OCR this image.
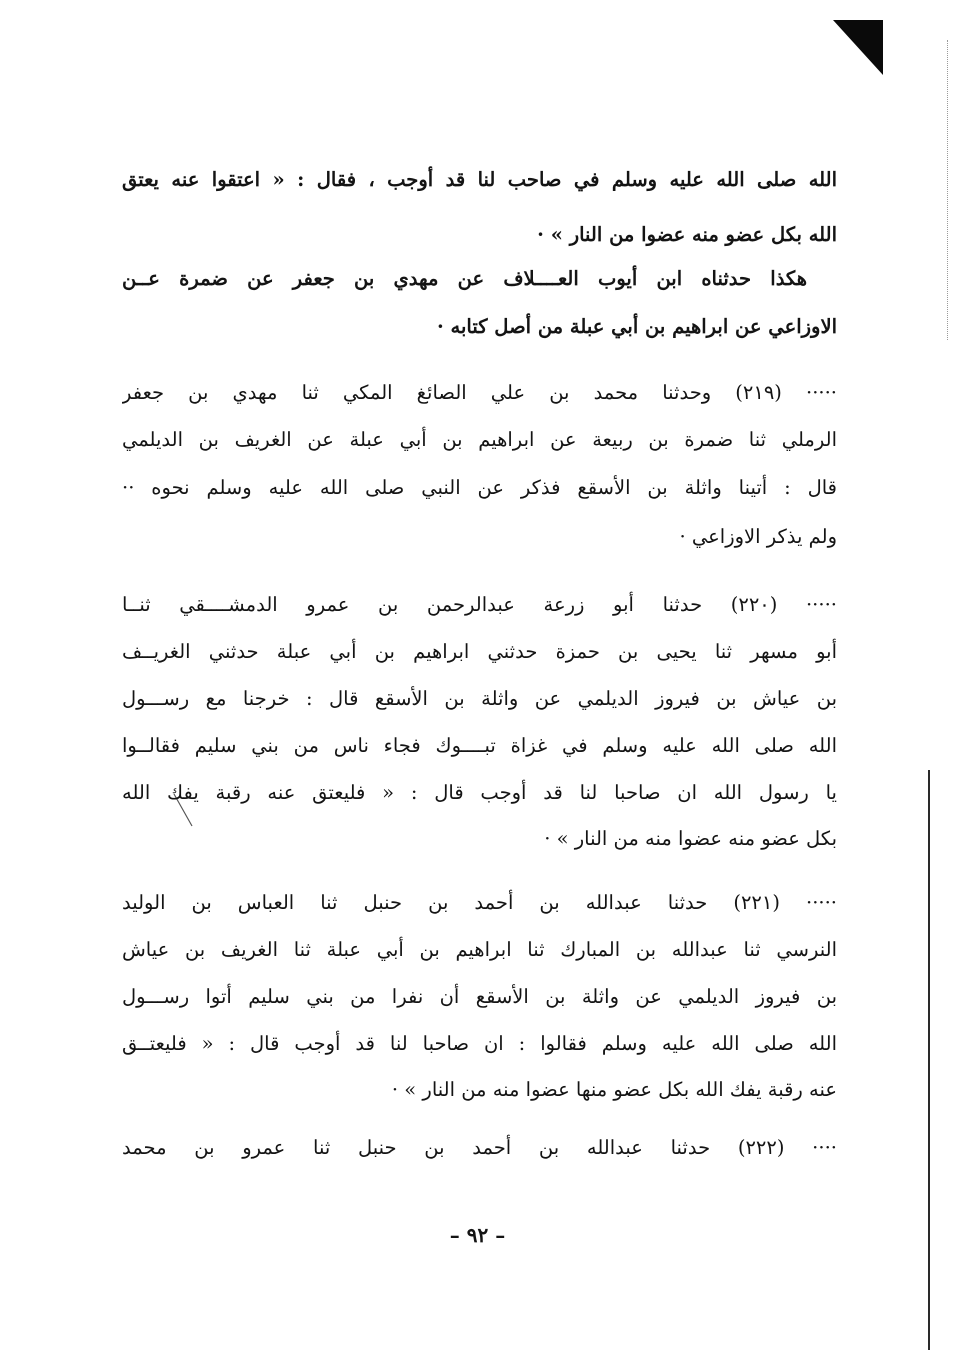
الله صلى الله عليه وسلم في صاحب لنا قد أوجب ، فقال : « اعتقوا عنه يعتق
الله بكل عضو منه عضوا من النار » ·
هكذا حدثناه ابن أيوب العــــلاف عن مهدي بن جعفر عن ضمرة عــن
الاوزاعي عن ابراهيم بن أبي عبلة من أصل كتابه ·
····· (٢١٩) وحدثنا محمد بن علي الصائغ المكي ثنا مهدي بن جعفر
الرملي ثنا ضمرة بن ربيعة عن ابراهيم بن أبي عبلة عن الغريف بن الديلمي
قال : أتينا واثلة بن الأسقع فذكر عن النبي صلى الله عليه وسلم نحوه ··
ولم يذكر الاوزاعي ·
····· (٢٢٠) حدثنا أبو زرعة عبدالرحمن بن عمرو الدمشــــقي ثنــا
أبو مسهر ثنا يحيى بن حمزة حدثني ابراهيم بن أبي عبلة حدثني الغريــف
بن عياش بن فيروز الديلمي عن واثلة بن الأسقع قال : خرجنا مع رســـول
الله صلى الله عليه وسلم في غزاة تبــــوك فجاء ناس من بني سليم فقالــوا
يا رسول الله ان صاحبا لنا قد أوجب قال : « فليعتق عنه رقبة يفك الله
بكل عضو منه عضوا منه من النار » ·
····· (٢٢١) حدثنا عبدالله بن أحمد بن حنبل ثنا العباس بن الوليد
النرسي ثنا عبدالله بن المبارك ثنا ابراهيم بن أبي عبلة ثنا الغريف بن عياش
بن فيروز الديلمي عن واثلة بن الأسقع أن نفرا من بني سليم أتوا رســـول
الله صلى الله عليه وسلم فقالوا : ان صاحبا لنا قد أوجب قال : « فليعتــق
عنه رقبة يفك الله بكل عضو منها عضوا منه من النار » ·
···· (٢٢٢) حدثنا عبدالله بن أحمد بن حنبل ثنا عمرو بن محمد
– ٩٢ –
